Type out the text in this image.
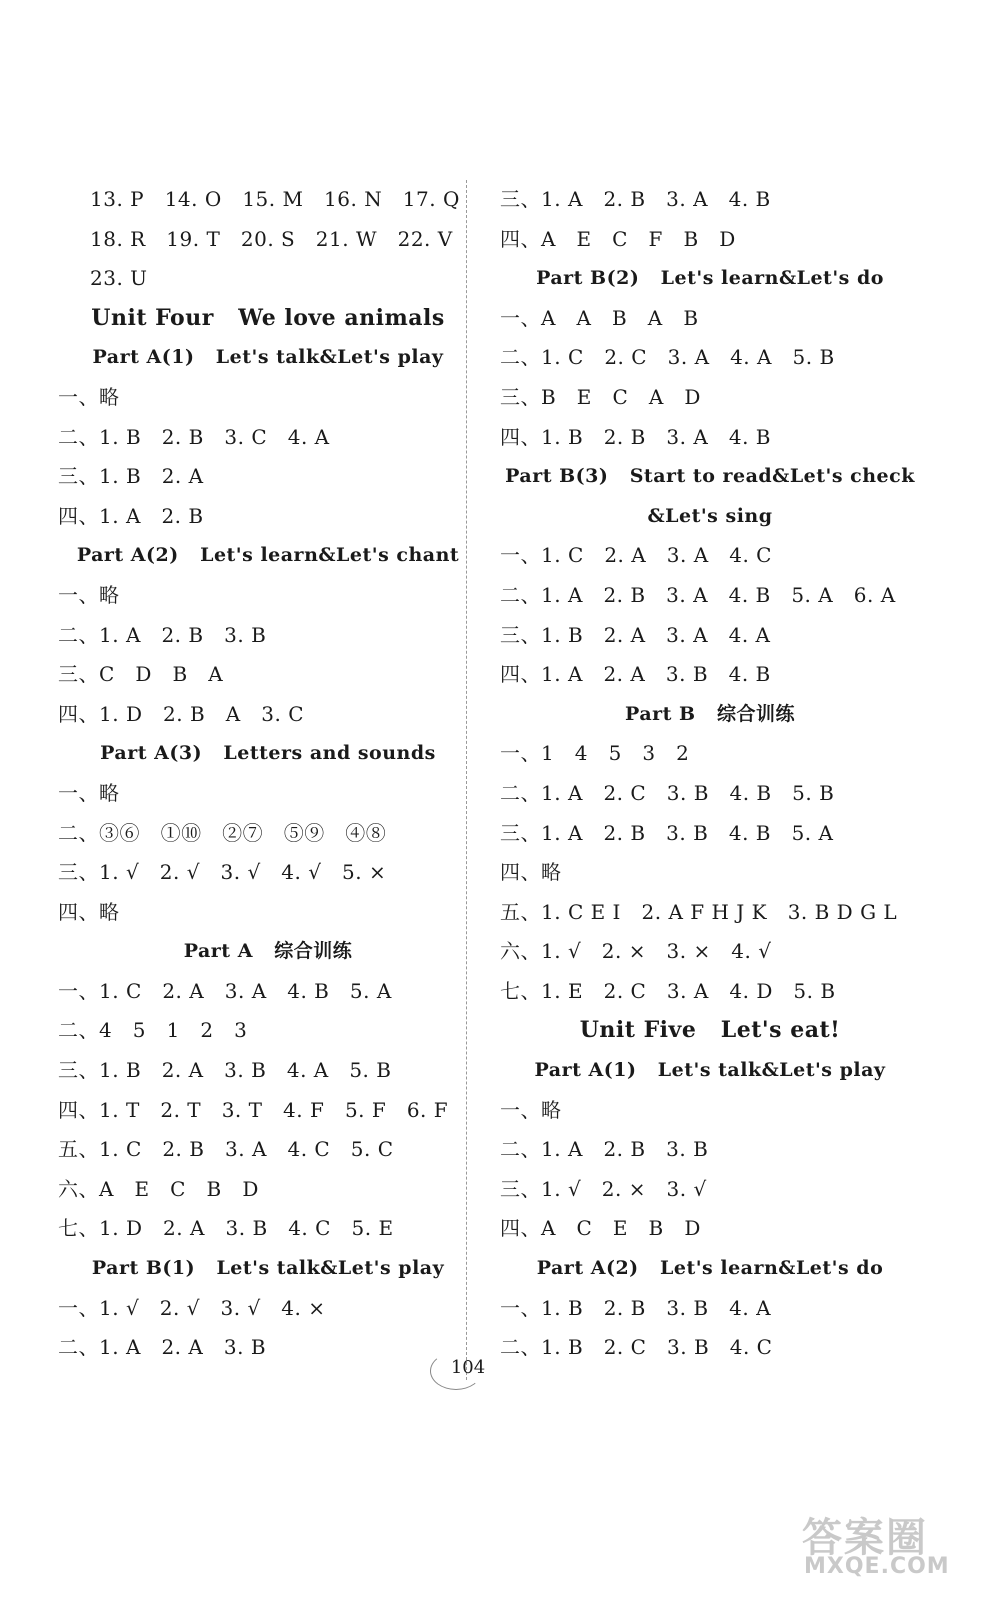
13. P   14. O   15. M   16. N   17. Q
18. R   19. T   20. S   21. W   22. V
23. U
Unit Four   We love animals
Part A(1)   Let's talk&Let's play
一、略
二、1. B   2. B   3. C   4. A
三、1. B   2. A
四、1. A   2. B
Part A(2)   Let's learn&Let's chant
一、略
二、1. A   2. B   3. B
三、C   D   B   A
四、1. D   2. B   A   3. C
Part A(3)   Letters and sounds
一、略
二、③⑥   ①⑩   ②⑦   ⑤⑨   ④⑧
三、1. √   2. √   3. √   4. √   5. ×
四、略
Part A   综合训练
一、1. C   2. A   3. A   4. B   5. A
二、4   5   1   2   3
三、1. B   2. A   3. B   4. A   5. B
四、1. T   2. T   3. T   4. F   5. F   6. F
五、1. C   2. B   3. A   4. C   5. C
六、A   E   C   B   D
七、1. D   2. A   3. B   4. C   5. E
Part B(1)   Let's talk&Let's play
一、1. √   2. √   3. √   4. ×
二、1. A   2. A   3. B
三、1. A   2. B   3. A   4. B
四、A   E   C   F   B   D
Part B(2)   Let's learn&Let's do
一、A   A   B   A   B
二、1. C   2. C   3. A   4. A   5. B
三、B   E   C   A   D
四、1. B   2. B   3. A   4. B
Part B(3)   Start to read&Let's check
&Let's sing
一、1. C   2. A   3. A   4. C
二、1. A   2. B   3. A   4. B   5. A   6. A
三、1. B   2. A   3. A   4. A
四、1. A   2. A   3. B   4. B
Part B   综合训练
一、1   4   5   3   2
二、1. A   2. C   3. B   4. B   5. B
三、1. A   2. B   3. B   4. B   5. A
四、略
五、1. C E I   2. A F H J K   3. B D G L
六、1. √   2. ×   3. ×   4. √
七、1. E   2. C   3. A   4. D   5. B
Unit Five   Let's eat!
Part A(1)   Let's talk&Let's play
一、略
二、1. A   2. B   3. B
三、1. √   2. ×   3. √
四、A   C   E   B   D
Part A(2)   Let's learn&Let's do
一、1. B   2. B   3. B   4. A
二、1. B   2. C   3. B   4. C
104
答案圈
MXQE.COM
